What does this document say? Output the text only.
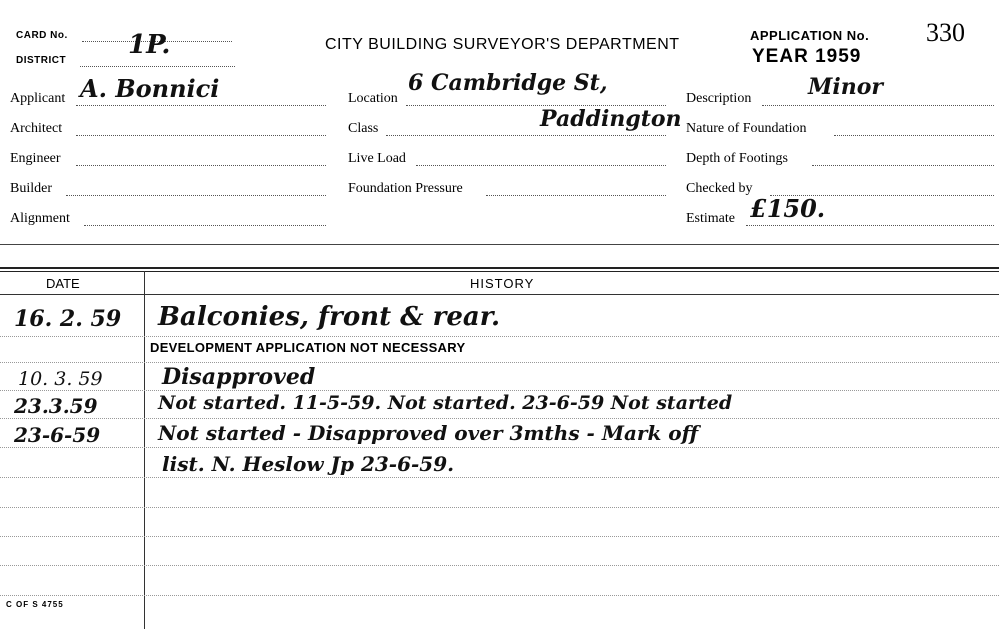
CARD No.
DISTRICT
1P.	CITY BUILDING SURVEYOR'S DEPARTMENT
APPLICATION No. 330
YEAR 1959
Applicant A. Bonnici
Architect
Engineer
Builder
Alignment
Location
6 Cambridge St,
Paddington
Class
Live Load
Foundation Pressure
Description	Minor
Nature of Foundation
Depth of Footings
Checked by
Estimate £150.
DATE	HISTORY
16. 2. 59 Balconies, front & rear.
DEVELOPMENT APPLICATION NOT NECESSARY
10. 3. 59	Disapproved
23.3.59	Not started. 11-5-59. Not started. 23-6-59 Not started
23-6-59	Not started - Disapproved over 3mths - Mark off
list. N. Heslow Jp 23-6-59.
C OF S 4755
